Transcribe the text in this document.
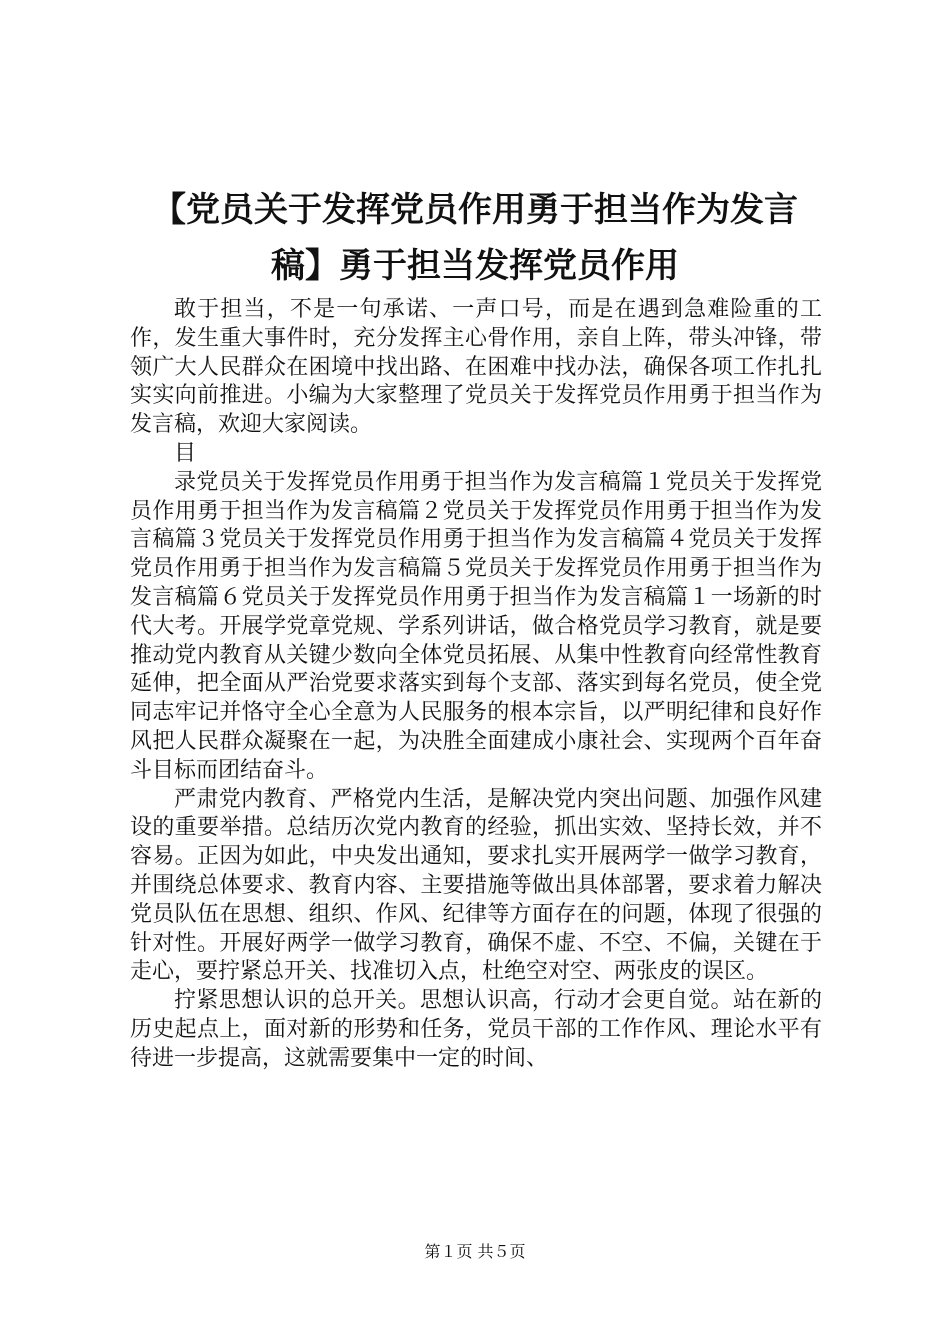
【党员关于发挥党员作用勇于担当作为发言
稿】勇于担当发挥党员作用

敢于担当，不是一句承诺、一声口号，而是在遇到急难险重的工作，发生重大事件时，充分发挥主心骨作用，亲自上阵，带头冲锋，带领广大人民群众在困境中找出路、在困难中找办法，确保各项工作扎扎实实向前推进。小编为大家整理了党员关于发挥党员作用勇于担当作为发言稿，欢迎大家阅读。

目

录党员关于发挥党员作用勇于担当作为发言稿篇１党员关于发挥党员作用勇于担当作为发言稿篇２党员关于发挥党员作用勇于担当作为发言稿篇３党员关于发挥党员作用勇于担当作为发言稿篇４党员关于发挥党员作用勇于担当作为发言稿篇５党员关于发挥党员作用勇于担当作为发言稿篇６党员关于发挥党员作用勇于担当作为发言稿篇１一场新的时代大考。开展学党章党规、学系列讲话，做合格党员学习教育，就是要推动党内教育从关键少数向全体党员拓展、从集中性教育向经常性教育延伸，把全面从严治党要求落实到每个支部、落实到每名党员，使全党同志牢记并恪守全心全意为人民服务的根本宗旨，以严明纪律和良好作风把人民群众凝聚在一起，为决胜全面建成小康社会、实现两个百年奋斗目标而团结奋斗。

严肃党内教育、严格党内生活，是解决党内突出问题、加强作风建设的重要举措。总结历次党内教育的经验，抓出实效、坚持长效，并不容易。正因为如此，中央发出通知，要求扎实开展两学一做学习教育，并围绕总体要求、教育内容、主要措施等做出具体部署，要求着力解决党员队伍在思想、组织、作风、纪律等方面存在的问题，体现了很强的针对性。开展好两学一做学习教育，确保不虚、不空、不偏，关键在于走心，要拧紧总开关、找准切入点，杜绝空对空、两张皮的误区。

拧紧思想认识的总开关。思想认识高，行动才会更自觉。站在新的历史起点上，面对新的形势和任务，党员干部的工作作风、理论水平有待进一步提高，这就需要集中一定的时间、

第１页 共５页
